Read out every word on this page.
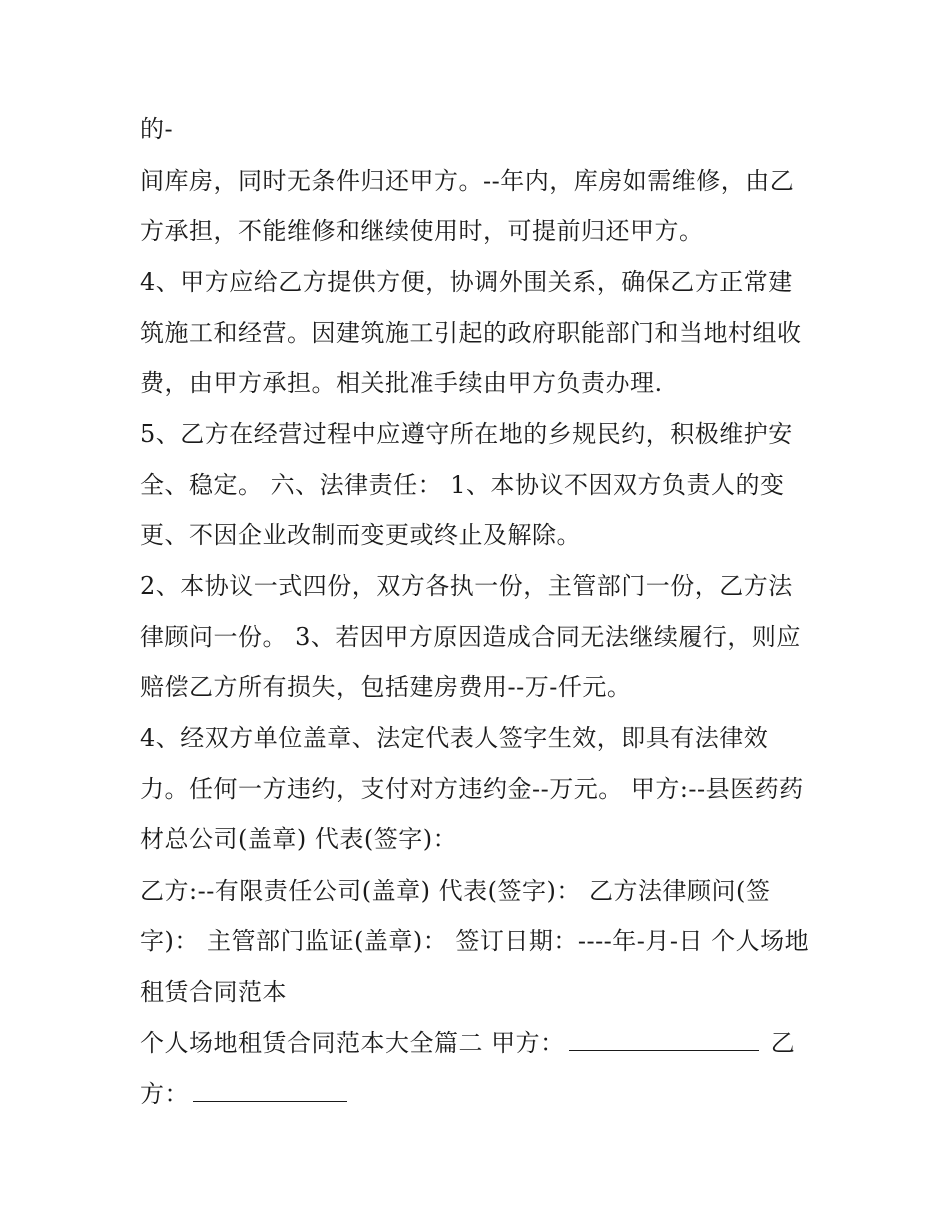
的-

间库房，同时无条件归还甲方。--年内，库房如需维修，由乙

方承担，不能维修和继续使用时，可提前归还甲方。

4、甲方应给乙方提供方便，协调外围关系，确保乙方正常建

筑施工和经营。因建筑施工引起的政府职能部门和当地村组收

费，由甲方承担。相关批准手续由甲方负责办理.

5、乙方在经营过程中应遵守所在地的乡规民约，积极维护安

全、稳定。 六、法律责任： 1、本协议不因双方负责人的变

更、不因企业改制而变更或终止及解除。

2、本协议一式四份，双方各执一份，主管部门一份，乙方法

律顾问一份。 3、若因甲方原因造成合同无法继续履行，则应

赔偿乙方所有损失，包括建房费用--万-仟元。

4、经双方单位盖章、法定代表人签字生效，即具有法律效

力。任何一方违约，支付对方违约金--万元。 甲方:--县医药药

材总公司(盖章) 代表(签字)：

乙方:--有限责任公司(盖章) 代表(签字)： 乙方法律顾问(签

字)： 主管部门监证(盖章)： 签订日期：----年-月-日 个人场地

租赁合同范本

个人场地租赁合同范本大全篇二 甲方：	乙

方：
